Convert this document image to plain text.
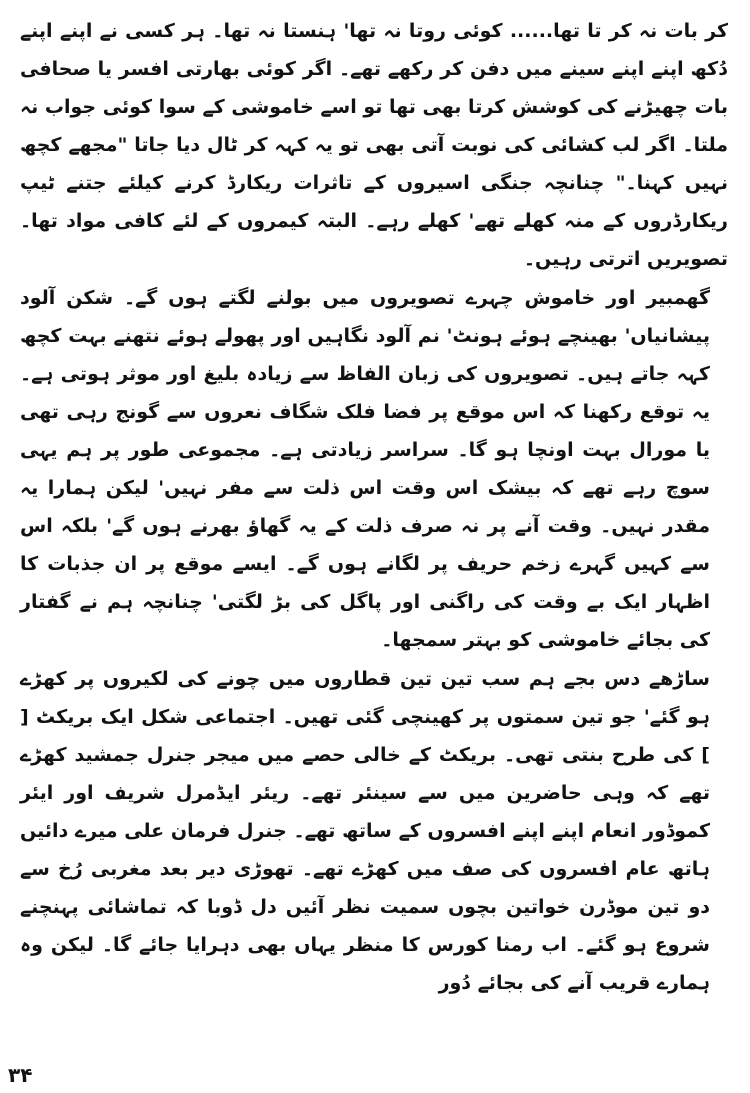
کر بات نہ کر تا تھا...... کوئی روتا نہ تھا' ہنستا نہ تھا۔ ہر کسی نے اپنے اپنے دُکھ اپنے اپنے سینے میں دفن کر رکھے تھے۔ اگر کوئی بھارتی افسر یا صحافی بات چھیڑنے کی کوشش کرتا بھی تھا تو اسے خاموشی کے سوا کوئی جواب نہ ملتا۔ اگر لب کشائی کی نوبت آتی بھی تو یہ کہہ کر ٹال دیا جاتا "مجھے کچھ نہیں کہنا۔" چنانچہ جنگی اسیروں کے تاثرات ریکارڈ کرنے کیلئے جتنے ٹیپ ریکارڈروں کے منہ کھلے تھے' کھلے رہے۔ البتہ کیمروں کے لئے کافی مواد تھا۔ تصویریں اترتی رہیں۔

گھمبیر اور خاموش چہرے تصویروں میں بولنے لگتے ہوں گے۔ شکن آلود پیشانیاں' بھینچے ہوئے ہونٹ' نم آلود نگاہیں اور پھولے ہوئے نتھنے بہت کچھ کہہ جاتے ہیں۔ تصویروں کی زبان الفاظ سے زیادہ بلیغ اور موثر ہوتی ہے۔ یہ توقع رکھنا کہ اس موقع پر فضا فلک شگاف نعروں سے گونج رہی تھی یا مورال بہت اونچا ہو گا۔ سراسر زیادتی ہے۔ مجموعی طور پر ہم یہی سوچ رہے تھے کہ بیشک اس وقت اس ذلت سے مفر نہیں' لیکن ہمارا یہ مقدر نہیں۔ وقت آنے پر نہ صرف ذلت کے یہ گھاؤ بھرنے ہوں گے' بلکہ اس سے کہیں گہرے زخم حریف پر لگانے ہوں گے۔ ایسے موقع پر ان جذبات کا اظہار ایک بے وقت کی راگنی اور پاگل کی بڑ لگتی' چنانچہ ہم نے گفتار کی بجائے خاموشی کو بہتر سمجھا۔

ساڑھے دس بجے ہم سب تین تین قطاروں میں چونے کی لکیروں پر کھڑے ہو گئے' جو تین سمتوں پر کھینچی گئی تھیں۔ اجتماعی شکل ایک بریکٹ [ ] کی طرح بنتی تھی۔ بریکٹ کے خالی حصے میں میجر جنرل جمشید کھڑے تھے کہ وہی حاضرین میں سے سینئر تھے۔ ریئر ایڈمرل شریف اور ایئر کموڈور انعام اپنے اپنے افسروں کے ساتھ تھے۔ جنرل فرمان علی میرے دائیں ہاتھ عام افسروں کی صف میں کھڑے تھے۔ تھوڑی دیر بعد مغربی رُخ سے دو تین موڈرن خواتین بچوں سمیت نظر آئیں دل ڈوبا کہ تماشائی پہنچنے شروع ہو گئے۔ اب رمنا کورس کا منظر یہاں بھی دہرایا جائے گا۔ لیکن وہ ہمارے قریب آنے کی بجائے دُور

۳۴
